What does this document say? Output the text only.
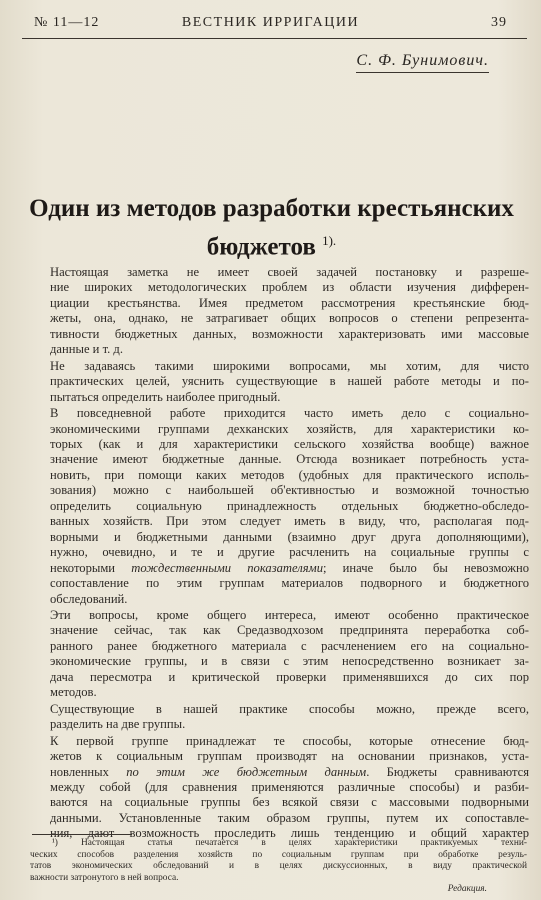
№ 11—12	ВЕСТНИК ИРРИГАЦИИ	39
С. Ф. Бунимович.
Один из методов разработки крестьянских
бюджетов $^{1).}$

Настоящая заметка не имеет своей задачей постановку и разреше-
ние широких методологических проблем из области изучения дифферен-
циации крестьянства. Имея предметом рассмотрения крестьянские бюд-
жеты, она, однако, не затрагивает общих вопросов о степени репрезента-
тивности бюджетных данных, возможности характеризовать ими массовые
данные и т. д.

Не задаваясь такими широкими вопросами, мы хотим, для чисто
практических целей, уяснить существующие в нашей работе методы и по-
пытаться определить наиболее пригодный.

В повседневной работе приходится часто иметь дело с социально-
экономическими группами дехканских хозяйств, для характеристики ко-
торых (как и для характеристики сельского хозяйства вообще) важное
значение имеют бюджетные данные. Отсюда возникает потребность уста-
новить, при помощи каких методов (удобных для практического исполь-
зования) можно с наибольшей об'ективностью и возможной точностью
определить социальную принадлежность отдельных бюджетно-обследо-
ванных хозяйств. При этом следует иметь в виду, что, располагая под-
ворными и бюджетными данными (взаимно друг друга дополняющими),
нужно, очевидно, и те и другие расчленить на социальные группы с
некоторыми тождественными показателями; иначе было бы невозможно
сопоставление по этим группам материалов подворного и бюджетного
обследований.

Эти вопросы, кроме общего интереса, имеют особенно практическое
значение сейчас, так как Средазводхозом предпринята переработка соб-
ранного ранее бюджетного материала с расчленением его на социально-
экономические группы, и в связи с этим непосредственно возникает за-
дача пересмотра и критической проверки применявшихся до сих пор
методов.

Существующие в нашей практике способы можно, прежде всего,
разделить на две группы.

К первой группе принадлежат те способы, которые отнесение бюд-
жетов к социальным группам производят на основании признаков, уста-
новленных по этим же бюджетным данным. Бюджеты сравниваются
между собой (для сравнения применяются различные способы) и разби-
ваются на социальные группы без всякой связи с массовыми подворными
данными. Установленные таким образом группы, путем их сопоставле-
ния, дают возможность проследить лишь тенденцию и общий характер

¹) Настоящая статья печатается в целях характеристики практикуемых техни-
ческих способов разделения хозяйств по социальным группам при обработке резуль-
татов экономических обследований и в целях дискуссионных, в виду практической
важности затронутого в ней вопроса.
Редакция.
